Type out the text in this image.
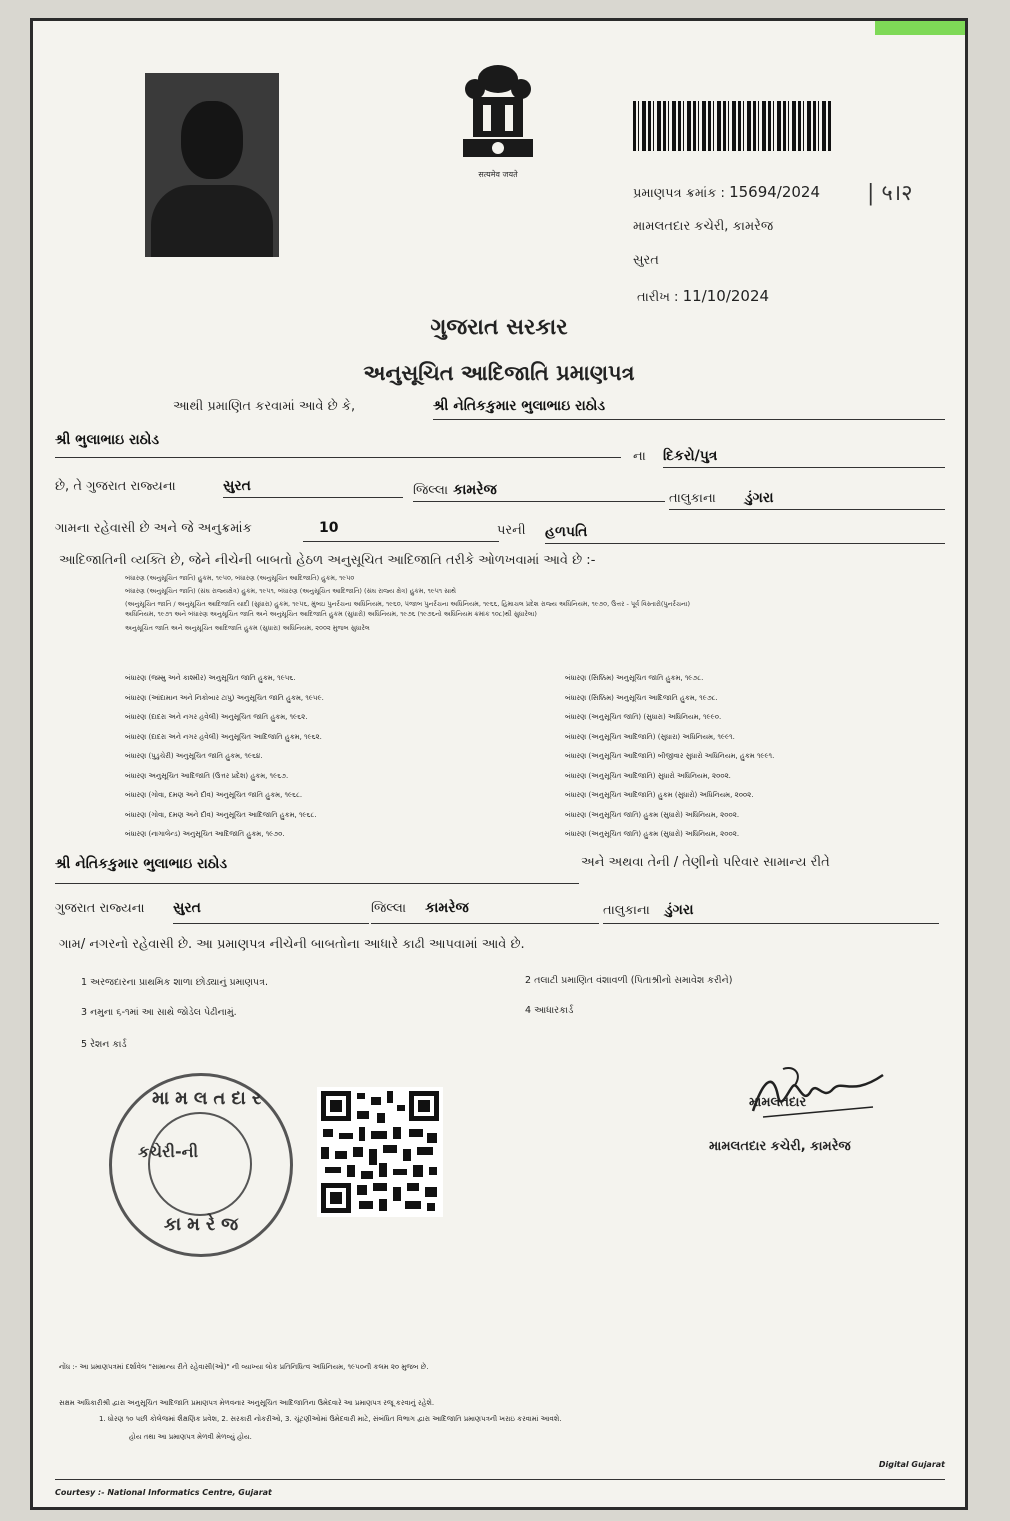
सत्यमेव जयते
પ્રમાણપત્ર ક્રમાંક : 15694/2024 | ५।२
મામલતદાર કચેરી, કામરેજ
સુરત
તારીખ : 11/10/2024
ગુજરાત સરકાર
અનુસૂચિત આદિજાતિ પ્રમાણપત્ર
આથી પ્રમાણિત કરવામાં આવે છે કે,	શ્રી નેતિકકુમાર ભુલાભાઇ રાઠોડ
શ્રી ભુલાભાઇ રાઠોડ
ના દિકરો/પુત્ર
છે, તે ગુજરાત રાજ્યના	સુરત	જિલ્લા કામરેજ
તાલુકાના ડુંગરા
ગામના રહેવાસી છે અને જે અનુક્રમાંક	10	પરની હળપતિ
આદિજાતિની વ્યક્તિ છે, જેને નીચેની બાબતો હેઠળ અનુસૂચિત આદિજાતિ તરીકે ઓળખવામાં આવે છે :-
બંધારણ (અનુસૂચિત જાતિ) હુકમ, ૧૯૫૦, બંધારણ (અનુસૂચિત આદિજાતિ) હુકમ, ૧૯૫૦
બંધારણ (અનુસૂચિત જાતિ) (સંઘ રાજ્યક્ષેત્ર) હુકમ, ૧૯૫૧, બંધારણ (અનુસૂચિત આદિજાતિ) (સંઘ રાજ્ય ક્ષેત્ર) હુકમ, ૧૯૫૧ સાથે
(અનુસૂચિત જાતિ / અનુસૂચિત આદિજાતિ યાદી (સુધારા) હુકમ, ૧૯૫૬, મુંબઇ પુનર્રચના અધિનિયમ, ૧૯૬૦, પંજાબ પુનર્રચના અધિનિયમ, ૧૯૬૬, હિમાચલ પ્રદેશ રાજ્ય અધિનિયમ, ૧૯૭૦, ઉત્તર - પૂર્વ વિસ્તારો(પુનર્રચના)
અધિનિયમ, ૧૯૭૧ અને બંધારણ અનુસૂચિત જાતિ અને અનુસૂચિત આદિજાતિ હુકમ (સુધારો) અધિનિયમ, ૧૯૭૬ (૧૯૭૬નો અધિનિયમ ક્રમાંક ૧૦૮)થી સુધારેલા)
અનુસૂચિત જાતિ અને અનુસૂચિત આદિજાતિ હુકમ (સુધારા) અધિનિયમ, ૨૦૦૨ મુજબ સુધારેલ
બંધારણ (જમ્મુ અને કાશ્મીર) અનુસૂચિત જાતિ હુકમ, ૧૯૫૬.
બંધારણ (આંદામાન અને નિકોબાર ટાપુ) અનુસૂચિત જાતિ હુકમ, ૧૯૫૯.
બંધારણ (દાદરા અને નગર હવેલી) અનુસૂચિત જાતિ હુકમ, ૧૯૬૨.
બંધારણ (દાદરા અને નગર હવેલી) અનુસૂચિત આદિજાતિ હુકમ, ૧૯૬૨.
બંધારણ (પુડુચેરી) અનુસૂચિત જાતિ હુકમ, ૧૯૬૪.
બંધારણ અનુસૂચિત આદિજાતિ (ઉત્તર પ્રદેશ) હુકમ, ૧૯૬૭.
બંધારણ (ગોવા, દમણ અને દીવ) અનુસૂચિત જાતિ હુકમ, ૧૯૬૮.
બંધારણ (ગોવા, દમણ અને દીવ) અનુસૂચિત આદિજાતિ હુકમ, ૧૯૬૮.
બંધારણ (નાગાલેન્ડ) અનુસૂચિત આદિજાતિ હુકમ, ૧૯૭૦.
બંધારણ (સિક્કિમ) અનુસૂચિત જાતિ હુકમ, ૧૯૭૮.
બંધારણ (સિક્કિમ) અનુસૂચિત આદિજાતિ હુકમ, ૧૯૭૮.
બંધારણ (અનુસૂચિત જાતિ) (સુધારા) અધિનિયમ, ૧૯૯૦.
બંધારણ (અનુસૂચિત આદિજાતિ) (સુધારા) અધિનિયમ, ૧૯૯૧.
બંધારણ (અનુસૂચિત આદિજાતિ) બીજીવાર સુધારો અધિનિયમ, હુકમ ૧૯૯૧.
બંધારણ (અનુસૂચિત આદિજાતિ) સુધારો અધિનિયમ, ૨૦૦૨.
બંધારણ (અનુસૂચિત આદિજાતિ) હુકમ (સુધારો) અધિનિયમ, ૨૦૦૨.
બંધારણ (અનુસૂચિત જાતિ) હુકમ (સુધારો) અધિનિયમ, ૨૦૦૨.
બંધારણ (અનુસૂચિત જાતિ) હુકમ (સુધારો) અધિનિયમ, ૨૦૦૨.
શ્રી નેતિકકુમાર ભુલાભાઇ રાઠોડ	અને અથવા તેની / તેણીનો પરિવાર સામાન્ય રીતે
ગુજરાત રાજ્યના સુરત	જિલ્લા કામરેજ	તાલુકાના ડુંગરા
ગામ/ નગરનો રહેવાસી છે. આ પ્રમાણપત્ર નીચેની બાબતોના આધારે કાઢી આપવામાં આવે છે.
1 અરજદારના પ્રાથમિક શાળા છોડ્યાનું પ્રમાણપત્ર.	2 તલાટી પ્રમાણિત વંશાવળી (પિતાશ્રીનો સમાવેશ કરીને)
3 નમુના ૬-૧માં આ સાથે જોડેલ પેઢીનામું.	4 આધારકાર્ડ
5 રેશન કાર્ડ
મામલતદાર
કચેરી-ની
કામરેજ
મામલતદાર
મામલતદાર કચેરી, કામરેજ
નોંધ :- આ પ્રમાણપત્રમાં દર્શાવેલ "સામાન્ય રીતે રહેવાસી(ઓ)" ની વ્યાખ્યા લોક પ્રતિનિધિત્વ અધિનિયમ, ૧૯૫૦ની કલમ ૨૦ મુજબ છે.
સક્ષમ અધિકારીશ્રી દ્વારા અનુસૂચિત આદિજાતિ પ્રમાણપત્ર મેળવનાર અનુસૂચિત આદિજાતિના ઉમેદવારે આ પ્રમાણપત્ર રજૂ કરવાનું રહેશે.
1. ધોરણ ૧૦ પછી કોલેજમાં શૈક્ષણિક પ્રવેશ, 2. સરકારી નોકરીઓ, 3. ચૂંટણીઓમાં ઉમેદવારી માટે, સંબંધિત વિભાગ દ્વારા આદિજાતિ પ્રમાણપત્રની ખરાઇ કરવામાં આવશે.
હોય તથા આ પ્રમાણપત્ર મેળવી મેળવ્યું હોય.
Courtesy :- National Informatics Centre, Gujarat
Digital Gujarat
